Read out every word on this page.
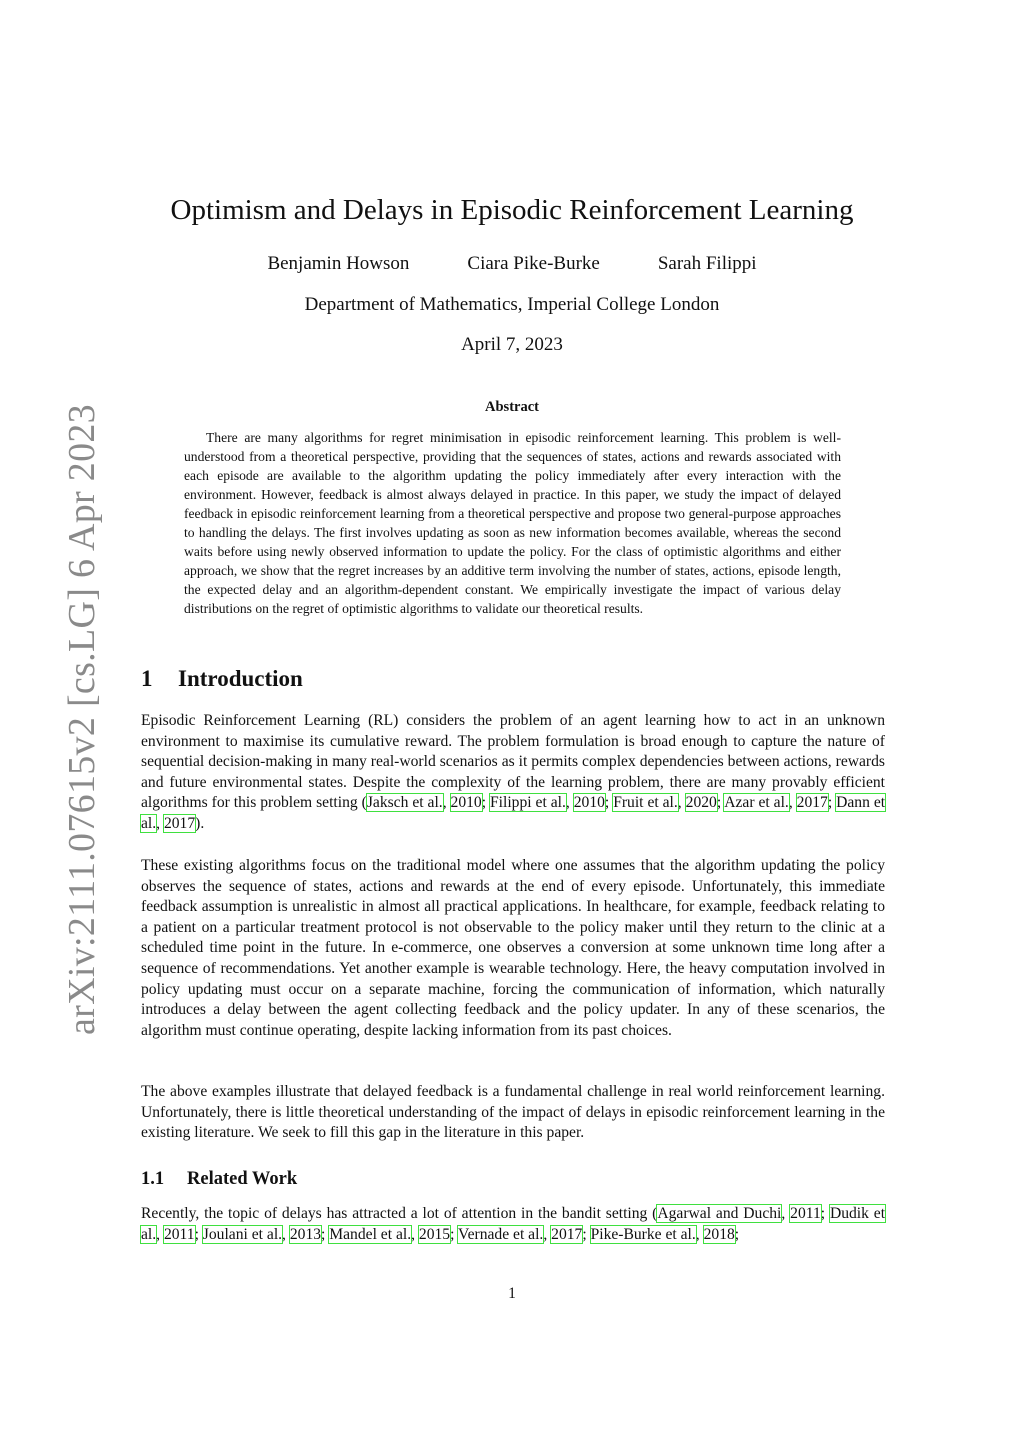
arXiv:2111.07615v2 [cs.LG] 6 Apr 2023
Optimism and Delays in Episodic Reinforcement Learning
Benjamin Howson	Ciara Pike-Burke	Sarah Filippi
Department of Mathematics, Imperial College London
April 7, 2023
Abstract
There are many algorithms for regret minimisation in episodic reinforcement learning. This problem is well-understood from a theoretical perspective, providing that the sequences of states, actions and rewards associated with each episode are available to the algorithm updating the policy immediately after every interaction with the environment. However, feedback is almost always delayed in practice. In this paper, we study the impact of delayed feedback in episodic reinforcement learning from a theoretical perspective and propose two general-purpose approaches to handling the delays. The first involves updating as soon as new information becomes available, whereas the second waits before using newly observed information to update the policy. For the class of optimistic algorithms and either approach, we show that the regret increases by an additive term involving the number of states, actions, episode length, the expected delay and an algorithm-dependent constant. We empirically investigate the impact of various delay distributions on the regret of optimistic algorithms to validate our theoretical results.
1 Introduction
Episodic Reinforcement Learning (RL) considers the problem of an agent learning how to act in an unknown environment to maximise its cumulative reward. The problem formulation is broad enough to capture the nature of sequential decision-making in many real-world scenarios as it permits complex dependencies between actions, rewards and future environmental states. Despite the complexity of the learning problem, there are many provably efficient algorithms for this problem setting (Jaksch et al., 2010; Filippi et al., 2010; Fruit et al., 2020; Azar et al., 2017; Dann et al., 2017).
These existing algorithms focus on the traditional model where one assumes that the algorithm updating the policy observes the sequence of states, actions and rewards at the end of every episode. Unfortunately, this immediate feedback assumption is unrealistic in almost all practical applications. In healthcare, for example, feedback relating to a patient on a particular treatment protocol is not observable to the policy maker until they return to the clinic at a scheduled time point in the future. In e-commerce, one observes a conversion at some unknown time long after a sequence of recommendations. Yet another example is wearable technology. Here, the heavy computation involved in policy updating must occur on a separate machine, forcing the communication of information, which naturally introduces a delay between the agent collecting feedback and the policy updater. In any of these scenarios, the algorithm must continue operating, despite lacking information from its past choices.
The above examples illustrate that delayed feedback is a fundamental challenge in real world reinforcement learning. Unfortunately, there is little theoretical understanding of the impact of delays in episodic reinforcement learning in the existing literature. We seek to fill this gap in the literature in this paper.
1.1 Related Work
Recently, the topic of delays has attracted a lot of attention in the bandit setting (Agarwal and Duchi, 2011; Dudik et al., 2011; Joulani et al., 2013; Mandel et al., 2015; Vernade et al., 2017; Pike-Burke et al., 2018;
1
